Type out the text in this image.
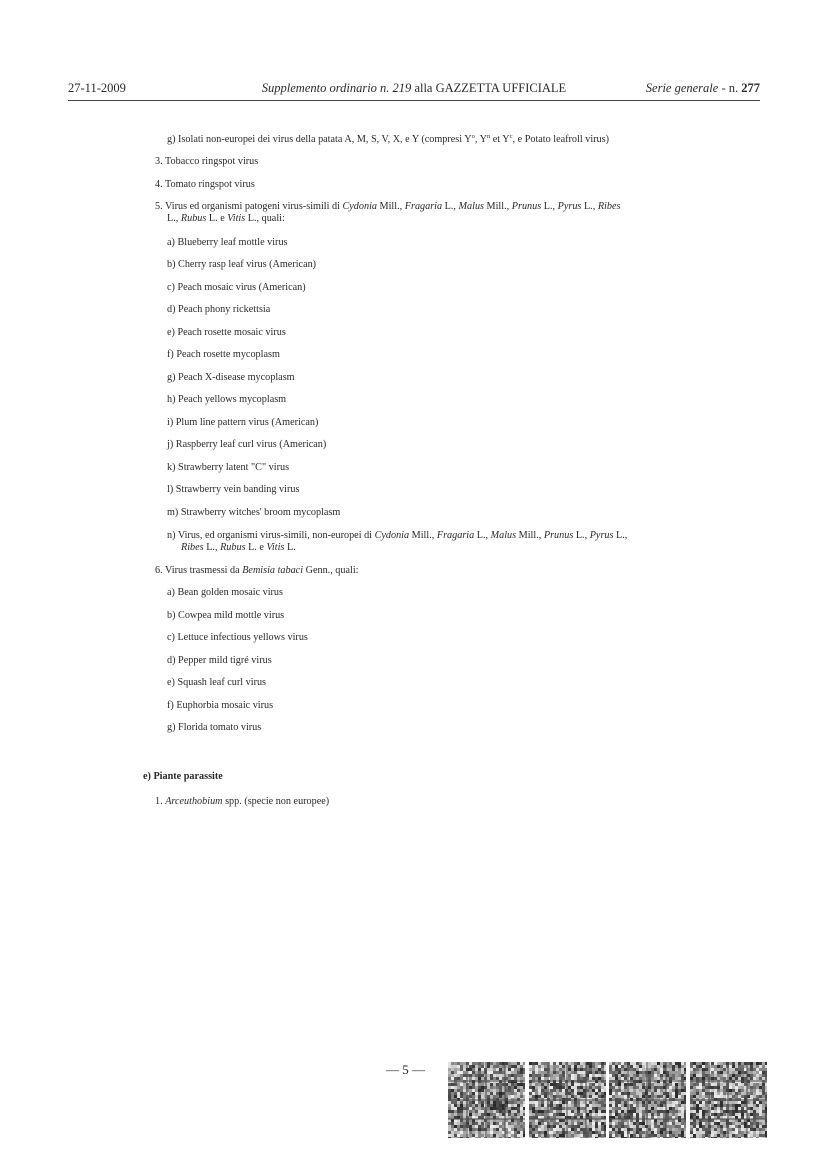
27-11-2009	Supplemento ordinario n. 219 alla GAZZETTA UFFICIALE	Serie generale - n. 277
g) Isolati non-europei dei virus della patata A, M, S, V, X, e Y (compresi $Y^o$, $Y^n$ et $Y^c$, e Potato leafroll virus)
3. Tobacco ringspot virus
4. Tomato ringspot virus
5. Virus ed organismi patogeni virus-simili di Cydonia Mill., Fragaria L., Malus Mill., Prunus L., Pyrus L., Ribes
L., Rubus L. e Vitis L., quali:
a) Blueberry leaf mottle virus
b) Cherry rasp leaf virus (American)
c) Peach mosaic virus (American)
d) Peach phony rickettsia
e) Peach rosette mosaic virus
f) Peach rosette mycoplasm
g) Peach X-disease mycoplasm
h) Peach yellows mycoplasm
i) Plum line pattern virus (American)
j) Raspberry leaf curl virus (American)
k) Strawberry latent "C" virus
l) Strawberry vein banding virus
m) Strawberry witches' broom mycoplasm
n) Virus, ed organismi virus-simili, non-europei di Cydonia Mill., Fragaria L., Malus Mill., Prunus L., Pyrus L.,
Ribes L., Rubus L. e Vitis L.
6. Virus trasmessi da Bemisia tabaci Genn., quali:
a) Bean golden mosaic virus
b) Cowpea mild mottle virus
c) Lettuce infectious yellows virus
d) Pepper mild tigré virus
e) Squash leaf curl virus
f) Euphorbia mosaic virus
g) Florida tomato virus
e) Piante parassite
1. Arceuthobium spp. (specie non europee)
— 5 —
